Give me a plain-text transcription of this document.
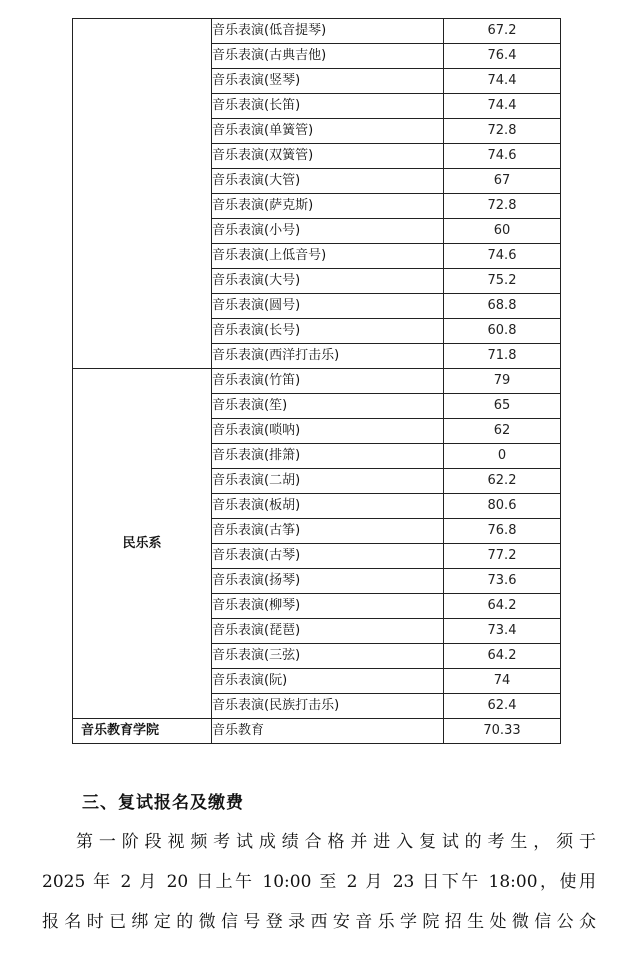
	音乐表演(低音提琴)	67.2
	音乐表演(古典吉他)	76.4
	音乐表演(竖琴)	74.4
	音乐表演(长笛)	74.4
	音乐表演(单簧管)	72.8
	音乐表演(双簧管)	74.6
	音乐表演(大管)	67
	音乐表演(萨克斯)	72.8
	音乐表演(小号)	60
	音乐表演(上低音号)	74.6
	音乐表演(大号)	75.2
	音乐表演(圆号)	68.8
	音乐表演(长号)	60.8
	音乐表演(西洋打击乐)	71.8
民乐系	音乐表演(竹笛)	79
	音乐表演(笙)	65
	音乐表演(唢呐)	62
	音乐表演(排箫)	0
	音乐表演(二胡)	62.2
	音乐表演(板胡)	80.6
	音乐表演(古筝)	76.8
	音乐表演(古琴)	77.2
	音乐表演(扬琴)	73.6
	音乐表演(柳琴)	64.2
	音乐表演(琵琶)	73.4
	音乐表演(三弦)	64.2
	音乐表演(阮)	74
	音乐表演(民族打击乐)	62.4
音乐教育学院	音乐教育	70.33
三、复试报名及缴费

第一阶段视频考试成绩合格并进入复试的考生，须于

2025 年 2 月 20 日上午 10:00 至 2 月 23 日下午 18:00，使用

报名时已绑定的微信号登录西安音乐学院招生处微信公众
